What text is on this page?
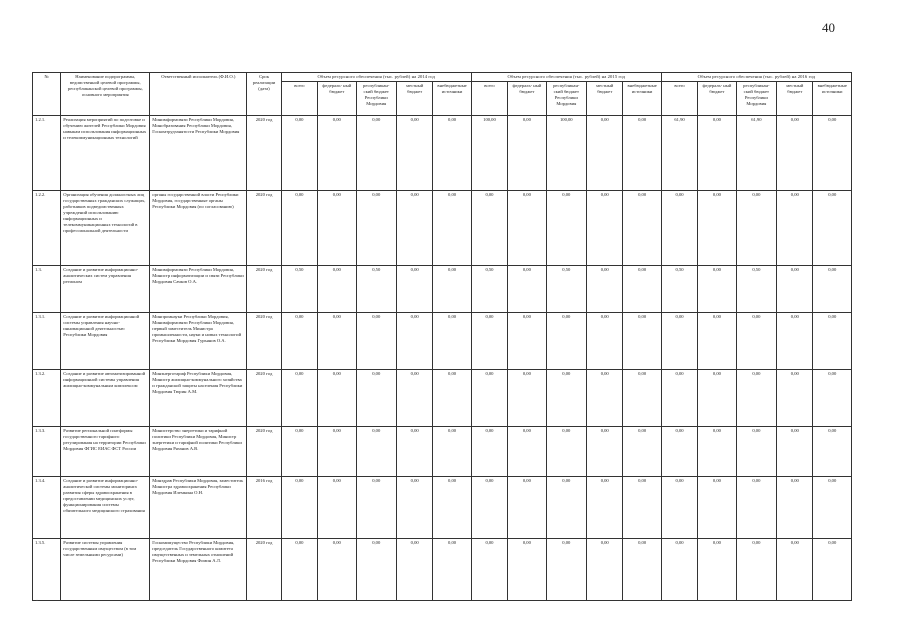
40
№	Наименование подпрограммы, ведомственной целевой программы, республиканской целевой программы, основного мероприятия	Ответственный исполнитель (Ф.И.О.)	Срок реализации (дата)	Объем ресурсного обеспечения (тыс. рублей) на 2014 год					Объем ресурсного обеспечения (тыс. рублей) на 2015 год					Объем ресурсного обеспечения (тыс. рублей) на 2016 год				
				всего	федераль- ный бюджет	республикан- ский бюджет Республики Мордовия	местный бюджет	внебюджетные источники	всего	федераль- ный бюджет	республикан- ский бюджет Республики Мордовия	местный бюджет	внебюджетные источники	всего	федераль- ный бюджет	республикан- ский бюджет Республики Мордовия	местный бюджет	внебюджетные источники
1.2.1.	Реализация мероприятий по подготовке и обучению жителей Республики Мордовия навыкам использования информационных и телекоммуникационных технологий	Минимформсвязи Республики Мордовия, Минобразования Республики Мордовия, Госкомтрудзанятости Республики Мордовия	2020 год	0,00	0,00	0,00	0,00	0,00	100,00	0,00	100,00	0,00	0,00	61,90	0,00	61,90	0,00	0,00
1.2.2.	Организация обучения должностных лиц государственных гражданских служащих, работников подведомственных учреждений использованию информационных и телекоммуникационных технологий в профессиональной деятельности	органы государственной власти Республики Мордовия, государственные органы Республики Мордовия (по согласованию)	2020 год	0,00	0,00	0,00	0,00	0,00	0,00	0,00	0,00	0,00	0,00	0,00	0,00	0,00	0,00	0,00
1.3.	Создание и развитие информационно-аналитических систем управления регионом	Минимформсвязи Республики Мордовия, Министр информатизации и связи Республики Мордовия Сачков О.А.	2020 год	0,50	0,00	0,50	0,00	0,00	0,50	0,00	0,50	0,00	0,00	0,50	0,00	0,50	0,00	0,00
1.3.1.	Создание и развитие информационной системы управления научно-инновационной деятельностью Республики Мордовия	Минпромнауки Республики Мордовия, Минимформсвязи Республики Мордовия, первый заместитель Министра промышленности, науки и новых технологий Республики Мордовия Гурьянов О.А.	2020 год	0,00	0,00	0,00	0,00	0,00	0,00	0,00	0,00	0,00	0,00	0,00	0,00	0,00	0,00	0,00
1.3.2.	Создание и развитие автоматизированной информационной системы управления жилищно-коммунальным комплексом	Минэнерготариф Республики Мордовия, Министр жилищно-коммунального хозяйства и гражданской защиты населения Республики Мордовия Тюрин А.М.	2020 год	0,00	0,00	0,00	0,00	0,00	0,00	0,00	0,00	0,00	0,00	0,00	0,00	0,00	0,00	0,00
1.3.3.	Развитие региональной платформы государственного тарифного регулирования на территории Республики Мордовия ФГИС ЕИАС ФСТ России	Министерство энергетики и тарифной политики Республики Мордовия, Министр энергетики и тарифной политики Республики Мордовия Рязанов А.В.	2020 год	0,00	0,00	0,00	0,00	0,00	0,00	0,00	0,00	0,00	0,00	0,00	0,00	0,00	0,00	0,00
1.3.4.	Создание и развитие информационно-аналитической системы мониторинга развития сферы здравоохранения в предоставлении медицинских услуг, функционирования системы обязательного медицинского страхования	Минздрав Республики Мордовия, заместитель Министра здравоохранения Республики Мордовия Илемкина О.Н.	2016 год	0,00	0,00	0,00	0,00	0,00	0,00	0,00	0,00	0,00	0,00	0,00	0,00	0,00	0,00	0,00
1.3.5.	Развитие системы управления государственным имуществом (в том числе земельными ресурсами)	Госкомимущество Республики Мордовия, председатель Государственного комитета имущественных и земельных отношений Республики Мордовия Фомин А.Л.	2020 год	0,00	0,00	0,00	0,00	0,00	0,00	0,00	0,00	0,00	0,00	0,00	0,00	0,00	0,00	0,00
·
